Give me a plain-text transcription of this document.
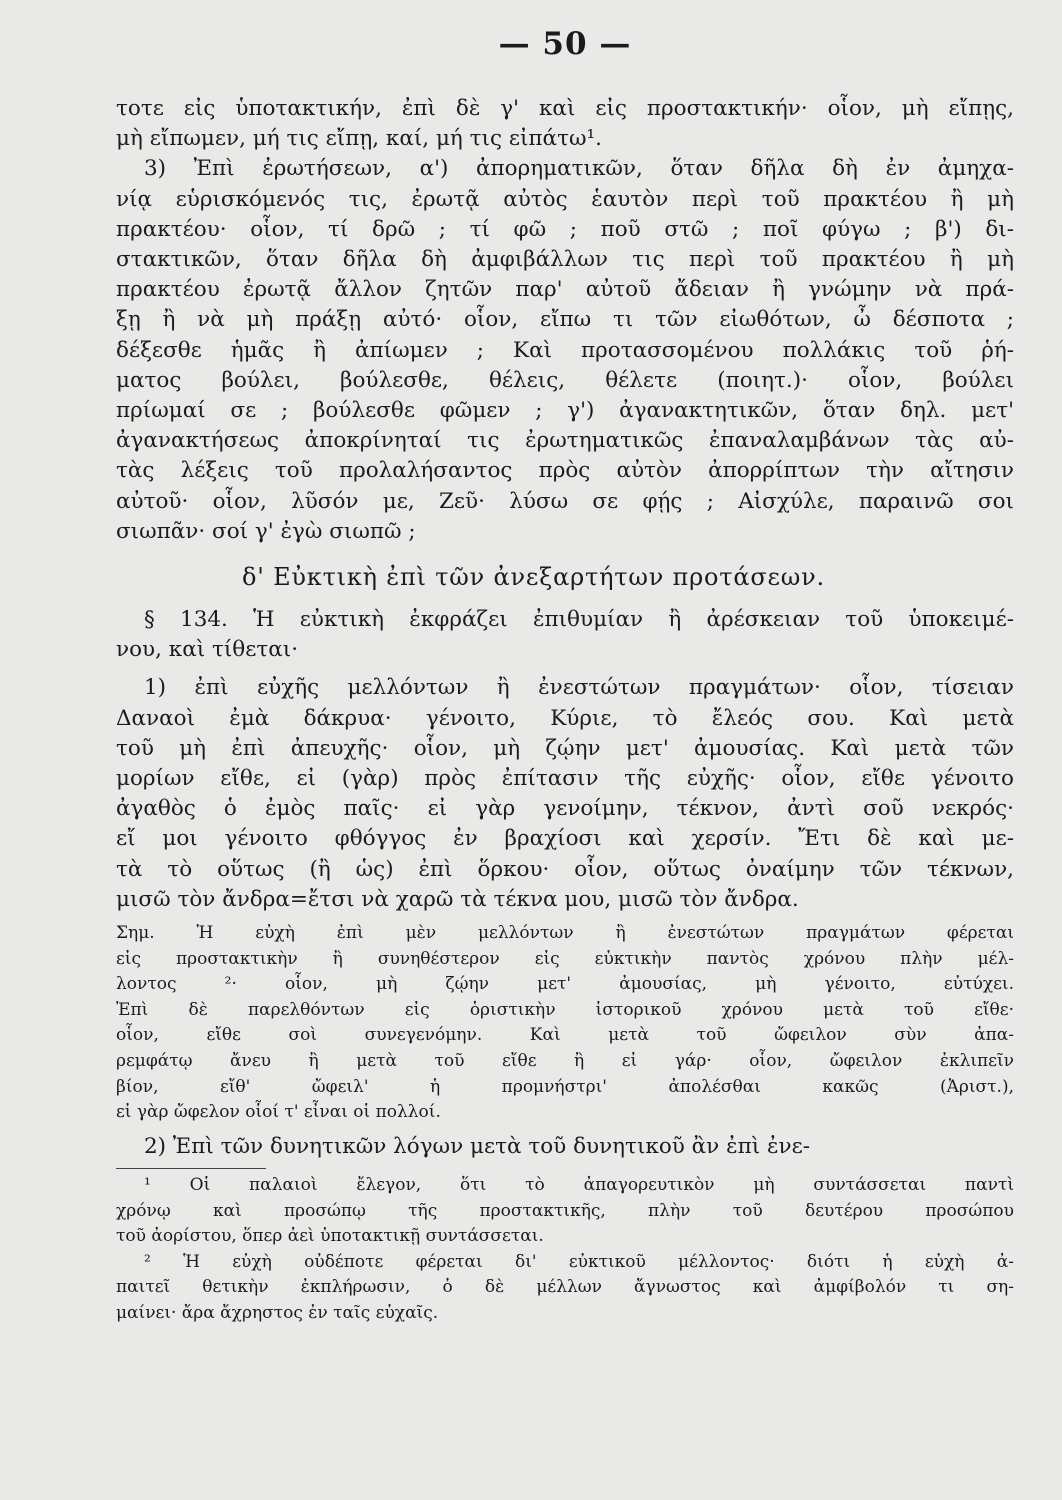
— 50 —
τοτε εἰς ὑποτακτικήν, ἐπὶ δὲ γ' καὶ εἰς προστακτικήν· οἷον, μὴ εἴπῃς,
μὴ εἴπωμεν, μή τις εἴπῃ, καί, μή τις εἰπάτω¹.
3) Ἐπὶ ἐρωτήσεων, α') ἀπορηματικῶν, ὅταν δῆλα δὴ ἐν ἀμηχα-
νίᾳ εὑρισκόμενός τις, ἐρωτᾷ αὐτὸς ἑαυτὸν περὶ τοῦ πρακτέου ἢ μὴ
πρακτέου· οἷον, τί δρῶ ; τί φῶ ; ποῦ στῶ ; ποῖ φύγω ; β') δι-
στακτικῶν, ὅταν δῆλα δὴ ἀμφιβάλλων τις περὶ τοῦ πρακτέου ἢ μὴ
πρακτέου ἐρωτᾷ ἄλλον ζητῶν παρ' αὐτοῦ ἄδειαν ἢ γνώμην νὰ πρά-
ξῃ ἢ νὰ μὴ πράξῃ αὐτό· οἷον, εἴπω τι τῶν εἰωθότων, ὦ δέσποτα ;
δέξεσθε ἡμᾶς ἢ ἀπίωμεν ; Καὶ προτασσομένου πολλάκις τοῦ ῥή-
ματος βούλει, βούλεσθε, θέλεις, θέλετε (ποιητ.)· οἷον, βούλει
πρίωμαί σε ; βούλεσθε φῶμεν ; γ') ἀγανακτητικῶν, ὅταν δηλ. μετ'
ἀγανακτήσεως ἀποκρίνηταί τις ἐρωτηματικῶς ἐπαναλαμβάνων τὰς αὐ-
τὰς λέξεις τοῦ προλαλήσαντος πρὸς αὐτὸν ἀπορρίπτων τὴν αἴτησιν
αὐτοῦ· οἷον, λῦσόν με, Ζεῦ· λύσω σε φῄς ; Αἰσχύλε, παραινῶ σοι
σιωπᾶν· σοί γ' ἐγὼ σιωπῶ ;
δ' Εὐκτικὴ ἐπὶ τῶν ἀνεξαρτήτων προτάσεων.
§ 134. Ἡ εὐκτικὴ ἐκφράζει ἐπιθυμίαν ἢ ἀρέσκειαν τοῦ ὑποκειμέ-
νου, καὶ τίθεται·
1) ἐπὶ εὐχῆς μελλόντων ἢ ἐνεστώτων πραγμάτων· οἷον, τίσειαν
Δαναοὶ ἐμὰ δάκρυα· γένοιτο, Κύριε, τὸ ἔλεός σου. Καὶ μετὰ
τοῦ μὴ ἐπὶ ἀπευχῆς· οἷον, μὴ ζῴην μετ' ἀμουσίας. Καὶ μετὰ τῶν
μορίων εἴθε, εἰ (γὰρ) πρὸς ἐπίτασιν τῆς εὐχῆς· οἷον, εἴθε γένοιτο
ἀγαθὸς ὁ ἐμὸς παῖς· εἰ γὰρ γενοίμην, τέκνον, ἀντὶ σοῦ νεκρός·
εἴ μοι γένοιτο φθόγγος ἐν βραχίοσι καὶ χερσίν. Ἔτι δὲ καὶ με-
τὰ τὸ οὕτως (ἢ ὡς) ἐπὶ ὅρκου· οἷον, οὕτως ὀναίμην τῶν τέκνων,
μισῶ τὸν ἄνδρα=ἔτσι νὰ χαρῶ τὰ τέκνα μου, μισῶ τὸν ἄνδρα.
Σημ. Ἡ εὐχὴ ἐπὶ μὲν μελλόντων ἢ ἐνεστώτων πραγμάτων φέρεται
εἰς προστακτικὴν ἢ συνηθέστερον εἰς εὐκτικὴν παντὸς χρόνου πλὴν μέλ-
λοντος ²· οἷον, μὴ ζῴην μετ' ἀμουσίας, μὴ γένοιτο, εὐτύχει.
Ἐπὶ δὲ παρελθόντων εἰς ὁριστικὴν ἱστορικοῦ χρόνου μετὰ τοῦ εἴθε·
οἷον, εἴθε σοὶ συνεγενόμην. Καὶ μετὰ τοῦ ὤφειλον σὺν ἀπα-
ρεμφάτῳ ἄνευ ἢ μετὰ τοῦ εἴθε ἢ εἰ γάρ· οἷον, ὤφειλον ἐκλιπεῖν
βίον, εἴθ' ὤφειλ' ἡ προμνήστρι' ἀπολέσθαι κακῶς (Ἀριστ.),
εἰ γὰρ ὤφελον οἷοί τ' εἶναι οἱ πολλοί.
2) Ἐπὶ τῶν δυνητικῶν λόγων μετὰ τοῦ δυνητικοῦ ἂν ἐπὶ ἐνε-
¹ Οἱ παλαιοὶ ἔλεγον, ὅτι τὸ ἀπαγορευτικὸν μὴ συντάσσεται παντὶ
χρόνῳ καὶ προσώπῳ τῆς προστακτικῆς, πλὴν τοῦ δευτέρου προσώπου
τοῦ ἀορίστου, ὅπερ ἀεὶ ὑποτακτικῇ συντάσσεται.
² Ἡ εὐχὴ οὐδέποτε φέρεται δι' εὐκτικοῦ μέλλοντος· διότι ἡ εὐχὴ ἀ-
παιτεῖ θετικὴν ἐκπλήρωσιν, ὁ δὲ μέλλων ἄγνωστος καὶ ἀμφίβολόν τι ση-
μαίνει· ἄρα ἄχρηστος ἐν ταῖς εὐχαῖς.
